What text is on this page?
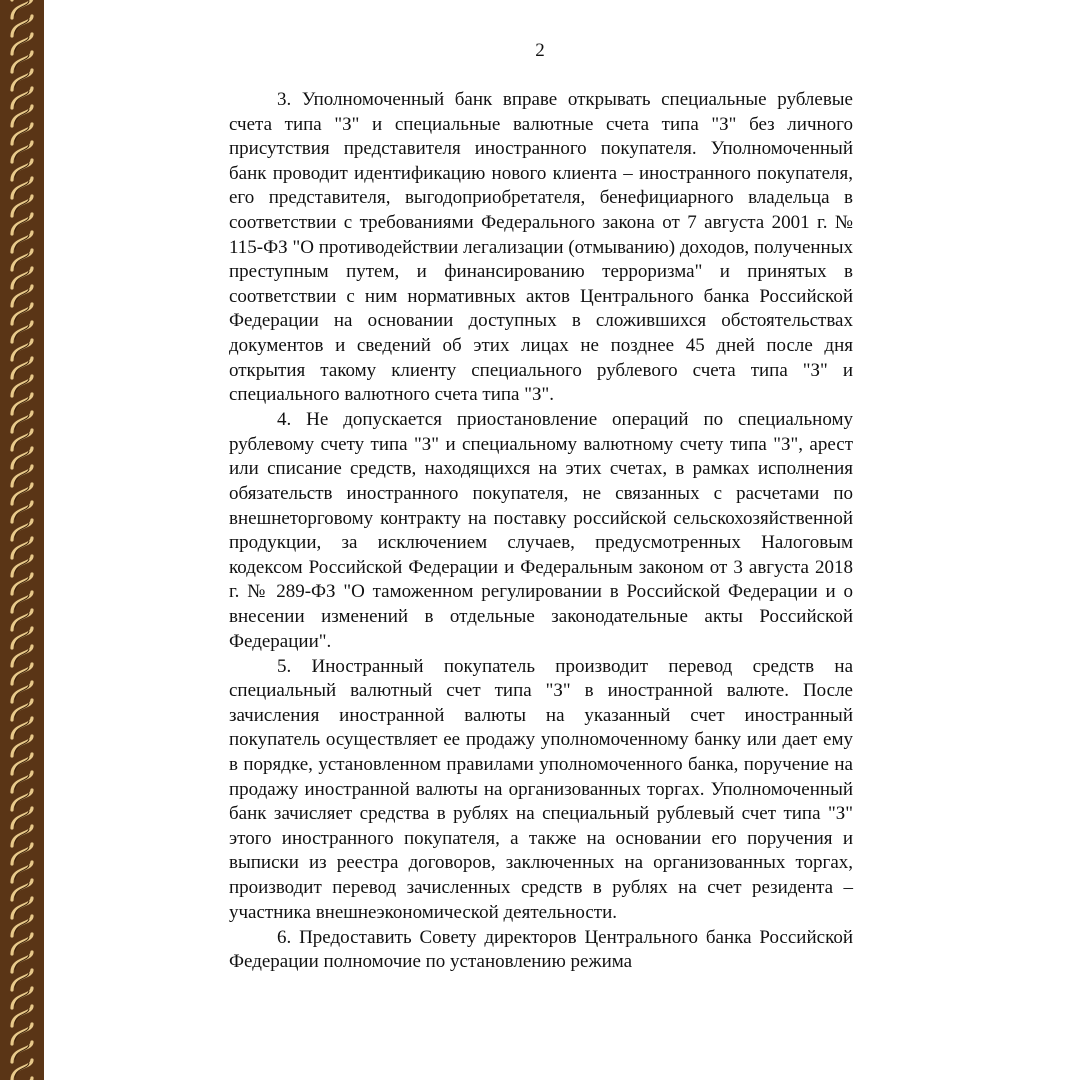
2

3. Уполномоченный банк вправе открывать специальные рублевые счета типа "З" и специальные валютные счета типа "З" без личного присутствия представителя иностранного покупателя. Уполномоченный банк проводит идентификацию нового клиента – иностранного покупателя, его представителя, выгодоприобретателя, бенефициарного владельца в соответствии с требованиями Федерального закона от 7 августа 2001 г. № 115-ФЗ "О противодействии легализации (отмыванию) доходов, полученных преступным путем, и финансированию терроризма" и принятых в соответствии с ним нормативных актов Центрального банка Российской Федерации на основании доступных в сложившихся обстоятельствах документов и сведений об этих лицах не позднее 45 дней после дня открытия такому клиенту специального рублевого счета типа "З" и специального валютного счета типа "З".

4. Не допускается приостановление операций по специальному рублевому счету типа "З" и специальному валютному счету типа "З", арест или списание средств, находящихся на этих счетах, в рамках исполнения обязательств иностранного покупателя, не связанных с расчетами по внешнеторговому контракту на поставку российской сельскохозяйственной продукции, за исключением случаев, предусмотренных Налоговым кодексом Российской Федерации и Федеральным законом от 3 августа 2018 г. № 289-ФЗ "О таможенном регулировании в Российской Федерации и о внесении изменений в отдельные законодательные акты Российской Федерации".

5. Иностранный покупатель производит перевод средств на специальный валютный счет типа "З" в иностранной валюте. После зачисления иностранной валюты на указанный счет иностранный покупатель осуществляет ее продажу уполномоченному банку или дает ему в порядке, установленном правилами уполномоченного банка, поручение на продажу иностранной валюты на организованных торгах. Уполномоченный банк зачисляет средства в рублях на специальный рублевый счет типа "З" этого иностранного покупателя, а также на основании его поручения и выписки из реестра договоров, заключенных на организованных торгах, производит перевод зачисленных средств в рублях на счет резидента – участника внешнеэкономической деятельности.

6. Предоставить Совету директоров Центрального банка Российской Федерации полномочие по установлению режима
